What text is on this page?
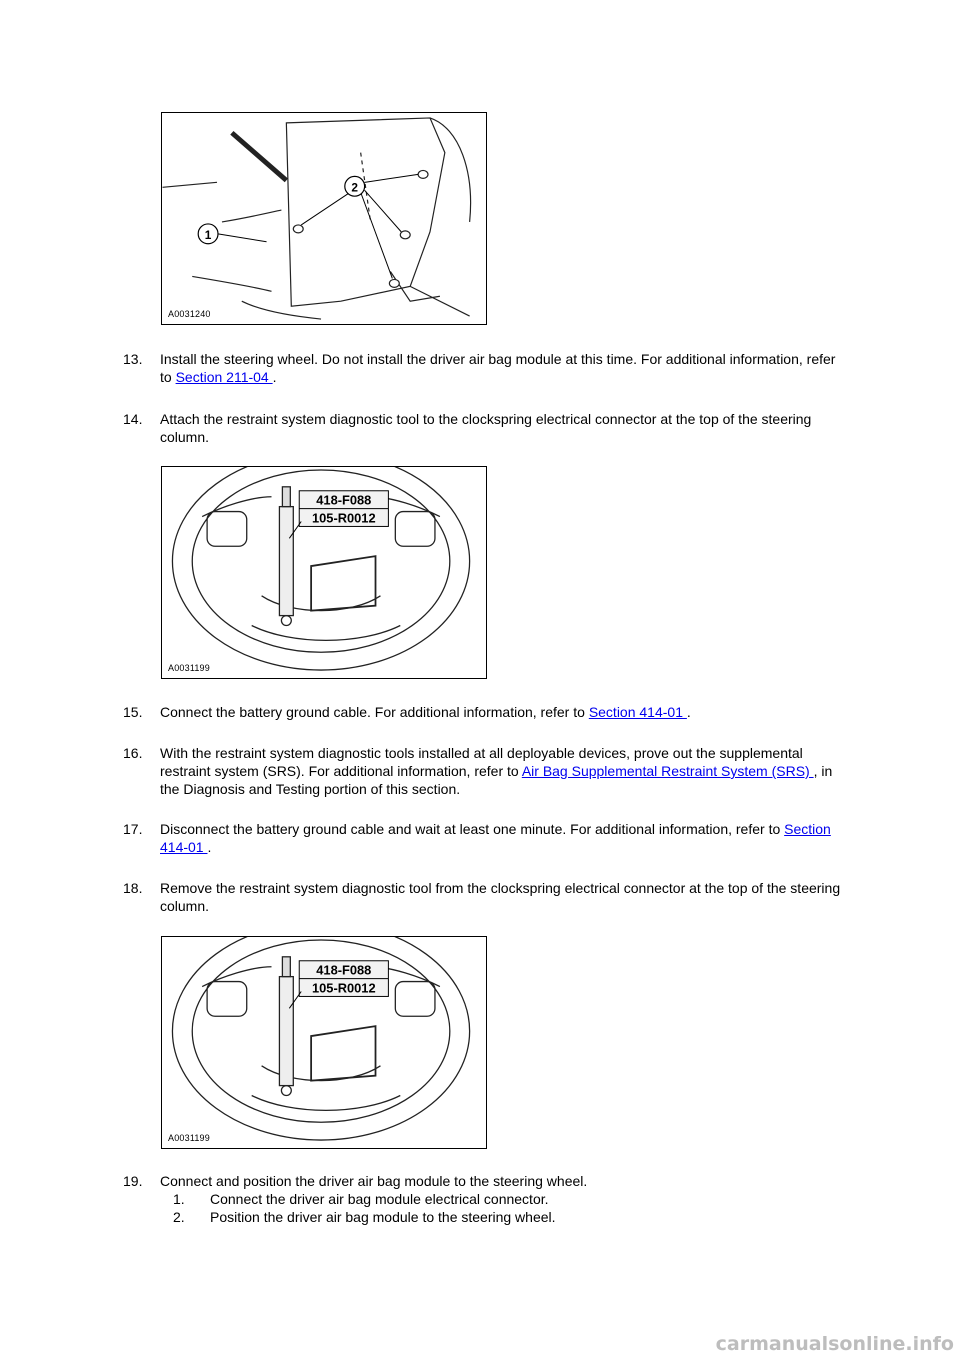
2
1
A0031240
13.	Install the steering wheel. Do not install the driver air bag module at this time. For additional information, refer to Section 211-04 .
14.	Attach the restraint system diagnostic tool to the clockspring electrical connector at the top of the steering column.
418-F088
105-R0012
A0031199
15.	Connect the battery ground cable. For additional information, refer to Section 414-01 .
16.	With the restraint system diagnostic tools installed at all deployable devices, prove out the supplemental restraint system (SRS). For additional information, refer to Air Bag Supplemental Restraint System (SRS) , in the Diagnosis and Testing portion of this section.
17.	Disconnect the battery ground cable and wait at least one minute. For additional information, refer to Section 414-01 .
18.	Remove the restraint system diagnostic tool from the clockspring electrical connector at the top of the steering column.
418-F088
105-R0012
A0031199
19.	Connect and position the driver air bag module to the steering wheel.
1. Connect the driver air bag module electrical connector.
2. Position the driver air bag module to the steering wheel.
carmanualsonline.info
